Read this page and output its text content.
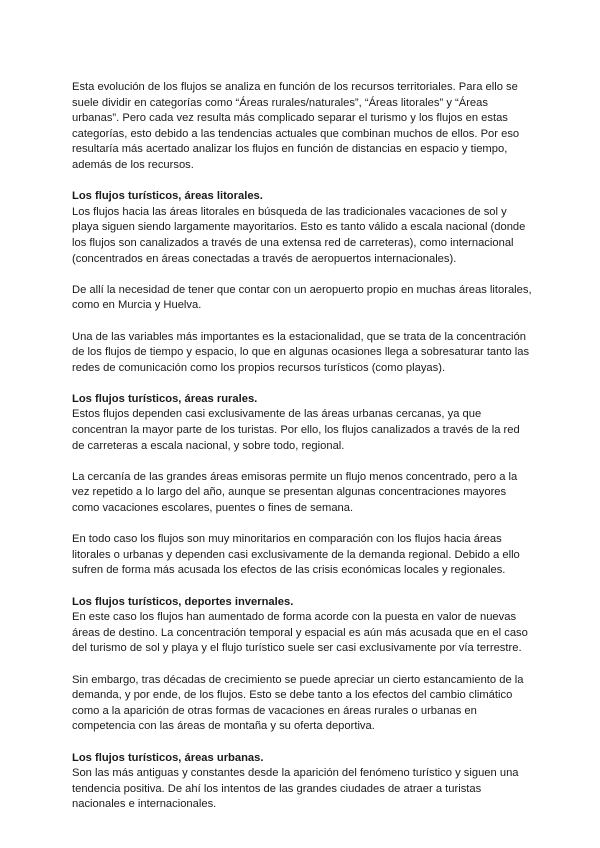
Esta evolución de los flujos se analiza en función de los recursos territoriales. Para ello se suele dividir en categorías como “Áreas rurales/naturales”, “Áreas litorales” y “Áreas urbanas”. Pero cada vez resulta más complicado separar el turismo y los flujos en estas categorías, esto debido a las tendencias actuales que combinan muchos de ellos. Por eso resultaría más acertado analizar los flujos en función de distancias en espacio y tiempo, además de los recursos.

Los flujos turísticos, áreas litorales.

Los flujos hacia las áreas litorales en búsqueda de las tradicionales vacaciones de sol y playa siguen siendo largamente mayoritarios. Esto es tanto válido a escala nacional (donde los flujos son canalizados a través de una extensa red de carreteras), como internacional (concentrados en áreas conectadas a través de aeropuertos internacionales).

De allí la necesidad de tener que contar con un aeropuerto propio en muchas áreas litorales, como en Murcia y Huelva.

Una de las variables más importantes es la estacionalidad, que se trata de la concentración de los flujos de tiempo y espacio, lo que en algunas ocasiones llega a sobresaturar tanto las redes de comunicación como los propios recursos turísticos (como playas).

Los flujos turísticos, áreas rurales.

Estos flujos dependen casi exclusivamente de las áreas urbanas cercanas, ya que concentran la mayor parte de los turistas. Por ello, los flujos canalizados a través de la red de carreteras a escala nacional, y sobre todo, regional.

La cercanía de las grandes áreas emisoras permite un flujo menos concentrado, pero a la vez repetido a lo largo del año, aunque se presentan algunas concentraciones mayores como vacaciones escolares, puentes o fines de semana.

En todo caso los flujos son muy minoritarios en comparación con los flujos hacia áreas litorales o urbanas y dependen casi exclusivamente de la demanda regional. Debido a ello sufren de forma más acusada los efectos de las crisis económicas locales y regionales.

Los flujos turísticos, deportes invernales.

En este caso los flujos han aumentado de forma acorde con la puesta en valor de nuevas áreas de destino. La concentración temporal y espacial es aún más acusada que en el caso del turismo de sol y playa y el flujo turístico suele ser casi exclusivamente por vía terrestre.

Sin embargo, tras décadas de crecimiento se puede apreciar un cierto estancamiento de la demanda, y por ende, de los flujos. Esto se debe tanto a los efectos del cambio climático como a la aparición de otras formas de vacaciones en áreas rurales o urbanas en competencia con las áreas de montaña y su oferta deportiva.

Los flujos turísticos, áreas urbanas.

Son las más antiguas y constantes desde la aparición del fenómeno turístico y siguen una tendencia positiva. De ahí los intentos de las grandes ciudades de atraer a turistas nacionales e internacionales.
